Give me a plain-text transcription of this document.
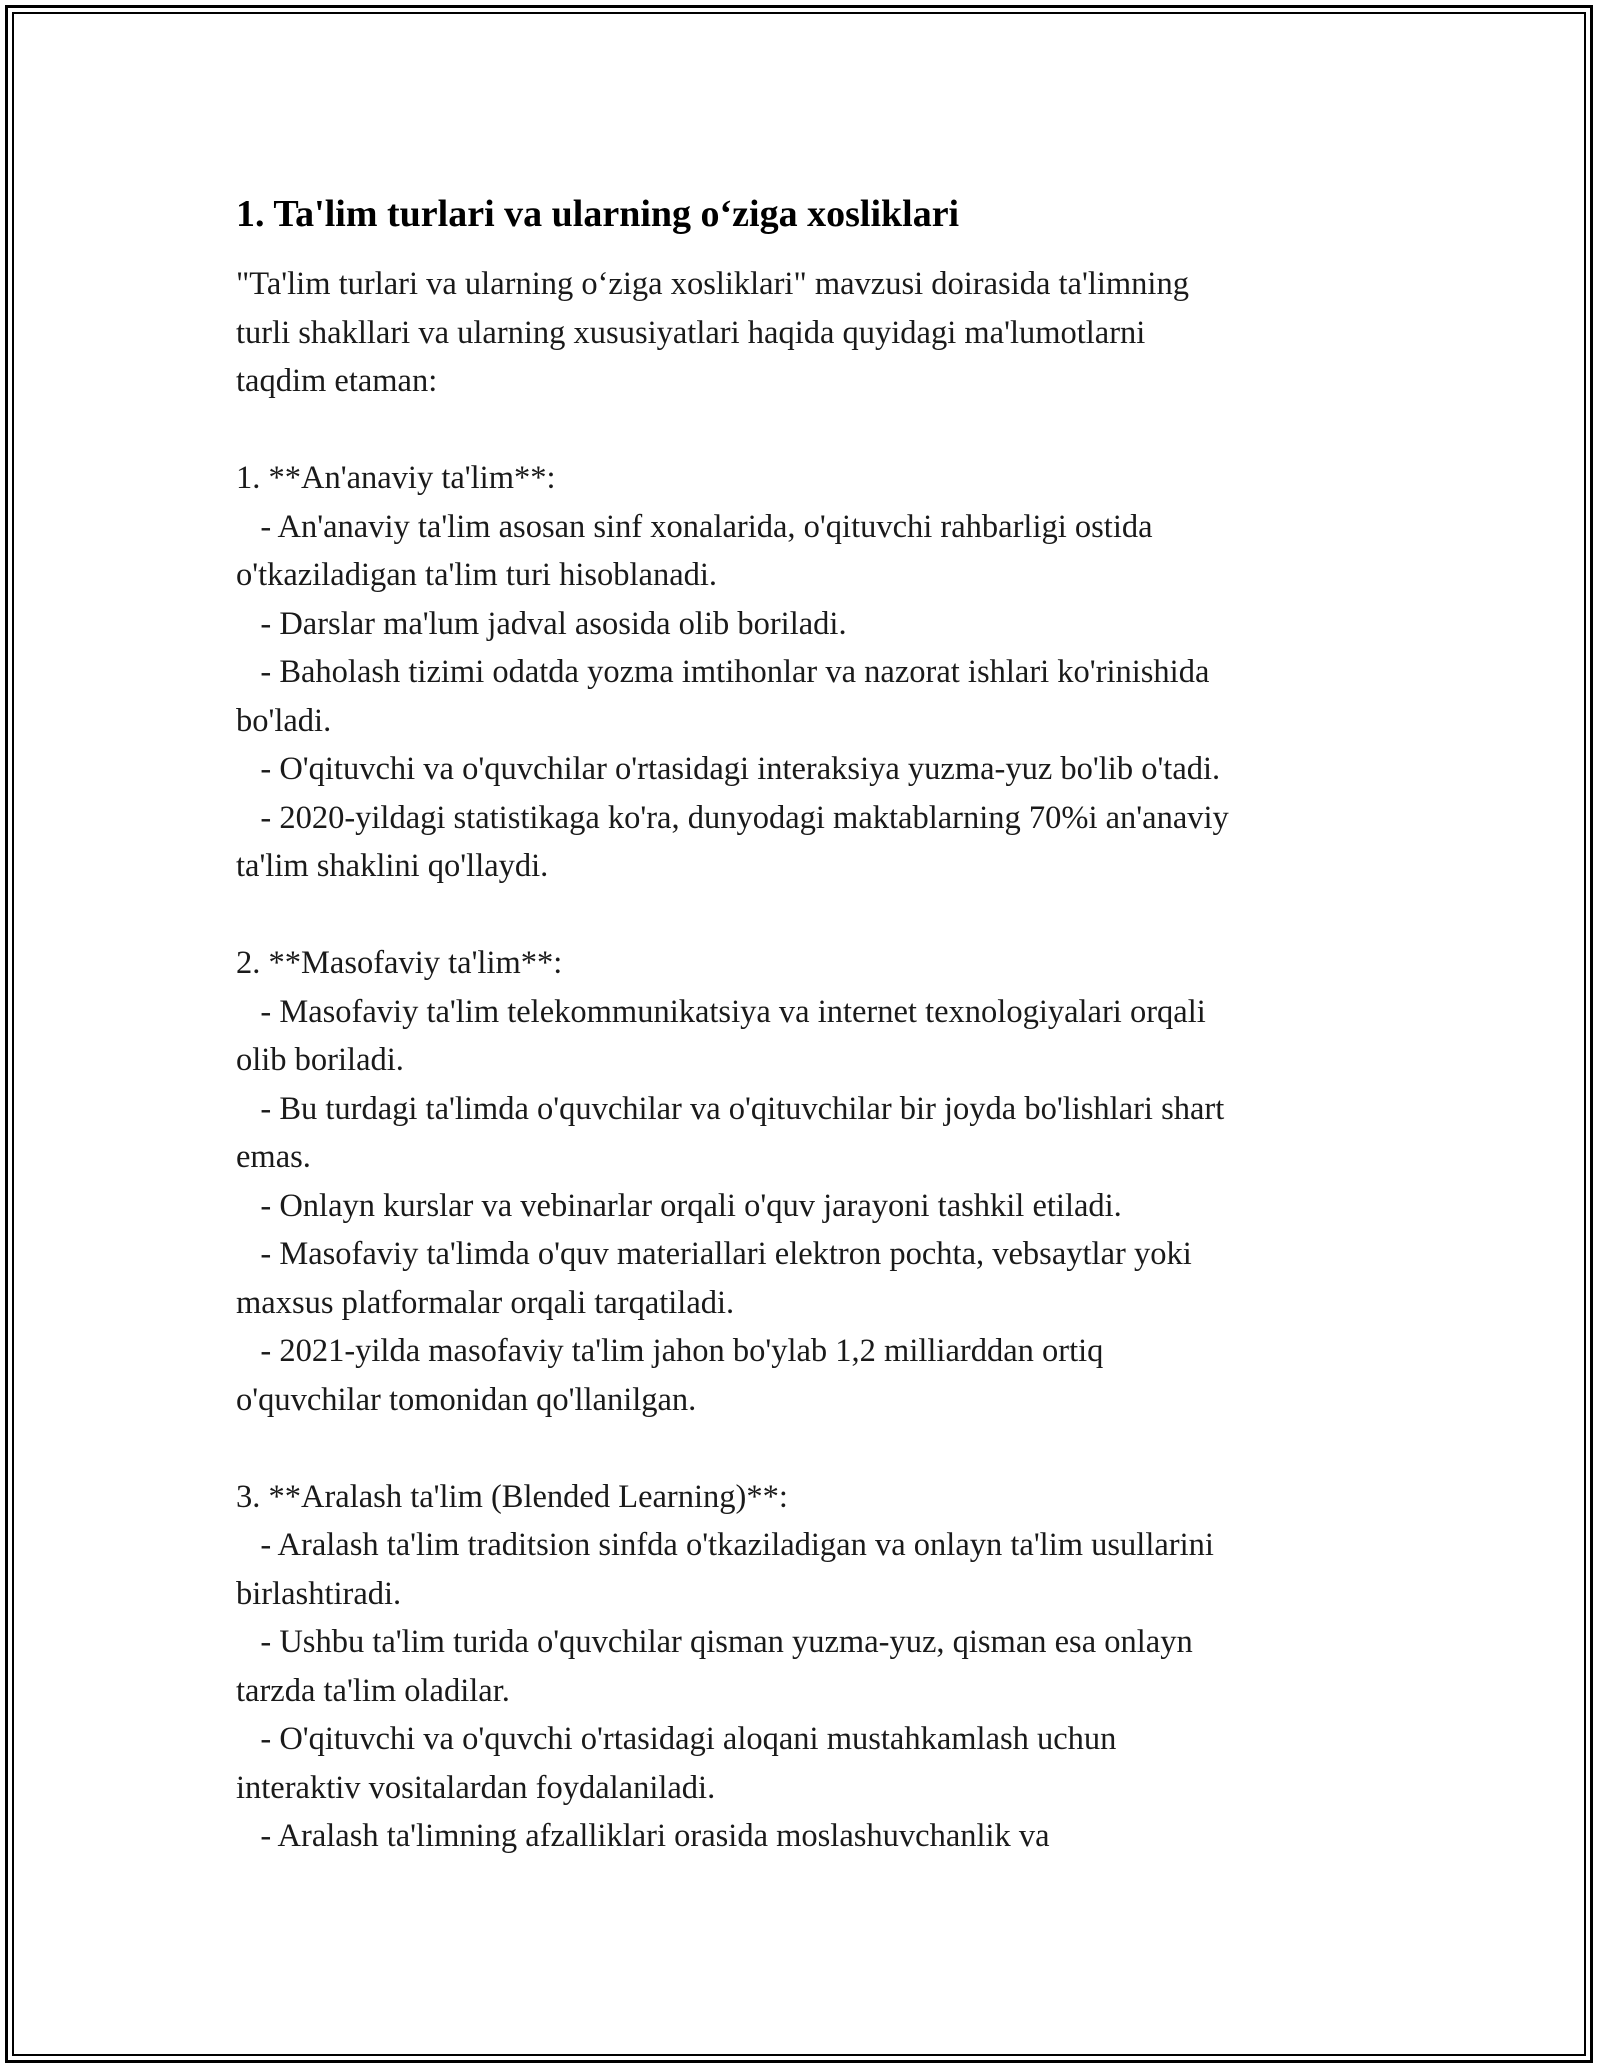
1. Ta'lim turlari va ularning o‘ziga xosliklari
"Ta'lim turlari va ularning o‘ziga xosliklari" mavzusi doirasida ta'limning
turli shakllari va ularning xususiyatlari haqida quyidagi ma'lumotlarni
taqdim etaman:

1. **An'anaviy ta'lim**:
- An'anaviy ta'lim asosan sinf xonalarida, o'qituvchi rahbarligi ostida
o'tkaziladigan ta'lim turi hisoblanadi.
- Darslar ma'lum jadval asosida olib boriladi.
- Baholash tizimi odatda yozma imtihonlar va nazorat ishlari ko'rinishida
bo'ladi.
- O'qituvchi va o'quvchilar o'rtasidagi interaksiya yuzma-yuz bo'lib o'tadi.
- 2020-yildagi statistikaga ko'ra, dunyodagi maktablarning 70%i an'anaviy
ta'lim shaklini qo'llaydi.

2. **Masofaviy ta'lim**:
- Masofaviy ta'lim telekommunikatsiya va internet texnologiyalari orqali
olib boriladi.
- Bu turdagi ta'limda o'quvchilar va o'qituvchilar bir joyda bo'lishlari shart
emas.
- Onlayn kurslar va vebinarlar orqali o'quv jarayoni tashkil etiladi.
- Masofaviy ta'limda o'quv materiallari elektron pochta, vebsaytlar yoki
maxsus platformalar orqali tarqatiladi.
- 2021-yilda masofaviy ta'lim jahon bo'ylab 1,2 milliarddan ortiq
o'quvchilar tomonidan qo'llanilgan.

3. **Aralash ta'lim (Blended Learning)**:
- Aralash ta'lim traditsion sinfda o'tkaziladigan va onlayn ta'lim usullarini
birlashtiradi.
- Ushbu ta'lim turida o'quvchilar qisman yuzma-yuz, qisman esa onlayn
tarzda ta'lim oladilar.
- O'qituvchi va o'quvchi o'rtasidagi aloqani mustahkamlash uchun
interaktiv vositalardan foydalaniladi.
- Aralash ta'limning afzalliklari orasida moslashuvchanlik va
